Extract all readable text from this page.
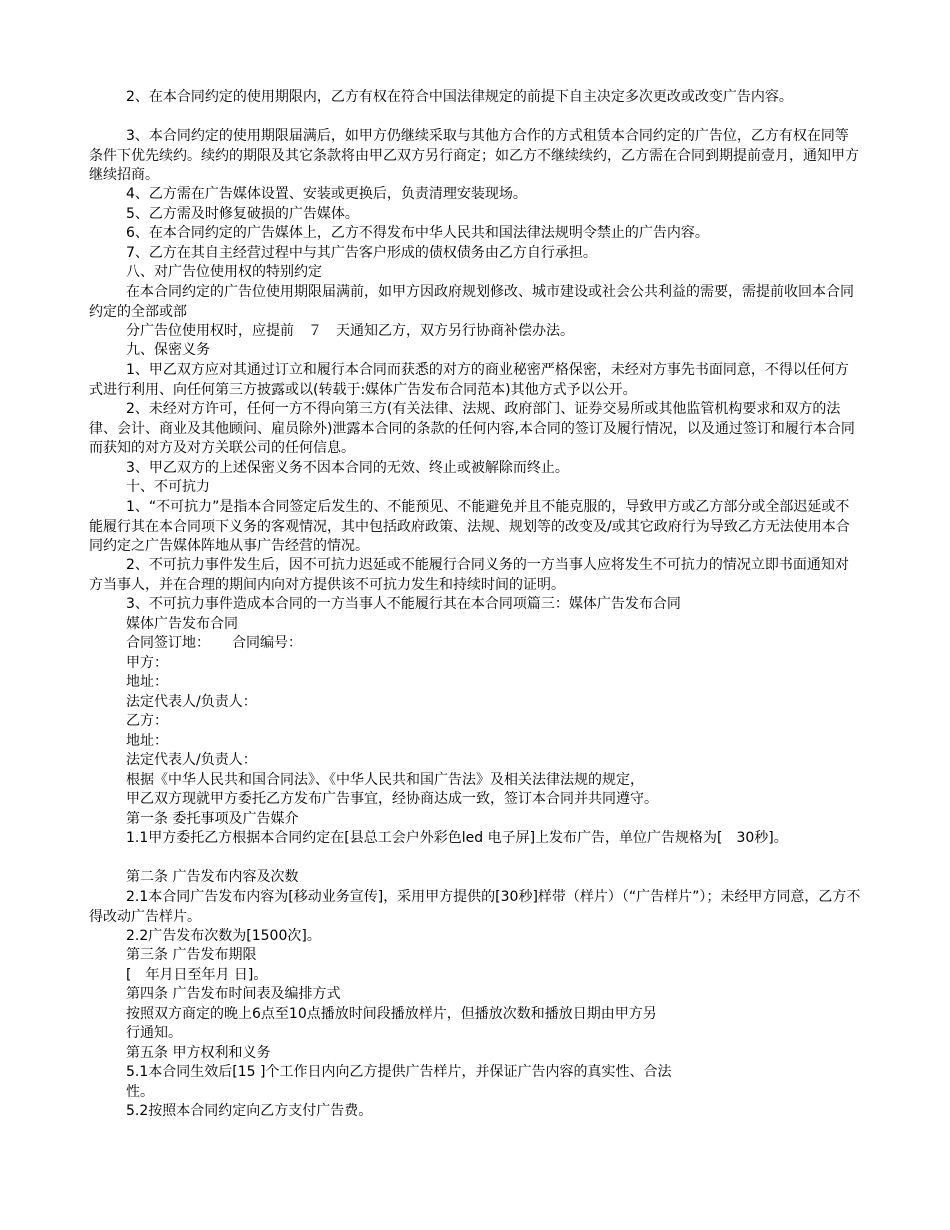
2、在本合同约定的使用期限内，乙方有权在符合中国法律规定的前提下自主决定多次更改或改变广告内容。

3、本合同约定的使用期限届满后，如甲方仍继续采取与其他方合作的方式租赁本合同约定的广告位，乙方有权在同等条件下优先续约。续约的期限及其它条款将由甲乙双方另行商定；如乙方不继续续约，乙方需在合同到期提前壹月，通知甲方继续招商。

4、乙方需在广告媒体设置、安装或更换后，负责清理安装现场。

5、乙方需及时修复破损的广告媒体。

6、在本合同约定的广告媒体上，乙方不得发布中华人民共和国法律法规明令禁止的广告内容。

7、乙方在其自主经营过程中与其广告客户形成的债权债务由乙方自行承担。

八、对广告位使用权的特别约定

在本合同约定的广告位使用期限届满前，如甲方因政府规划修改、城市建设或社会公共利益的需要，需提前收回本合同约定的全部或部

分广告位使用权时，应提前　７　天通知乙方，双方另行协商补偿办法。

九、保密义务

1、甲乙双方应对其通过订立和履行本合同而获悉的对方的商业秘密严格保密，未经对方事先书面同意，不得以任何方式进行利用、向任何第三方披露或以(转载于:媒体广告发布合同范本)其他方式予以公开。

2、未经对方许可，任何一方不得向第三方(有关法律、法规、政府部门、证券交易所或其他监管机构要求和双方的法律、会计、商业及其他顾问、雇员除外)泄露本合同的条款的任何内容,本合同的签订及履行情况，以及通过签订和履行本合同而获知的对方及对方关联公司的任何信息。

3、甲乙双方的上述保密义务不因本合同的无效、终止或被解除而终止。

十、不可抗力

1、“不可抗力”是指本合同签定后发生的、不能预见、不能避免并且不能克服的，导致甲方或乙方部分或全部迟延或不能履行其在本合同项下义务的客观情况，其中包括政府政策、法规、规划等的改变及/或其它政府行为导致乙方无法使用本合同约定之广告媒体阵地从事广告经营的情况。

2、不可抗力事件发生后，因不可抗力迟延或不能履行合同义务的一方当事人应将发生不可抗力的情况立即书面通知对方当事人，并在合理的期间内向对方提供该不可抗力发生和持续时间的证明。

3、不可抗力事件造成本合同的一方当事人不能履行其在本合同项篇三：媒体广告发布合同

媒体广告发布合同

合同签订地： 合同编号：

甲方：

地址：

法定代表人/负责人：

乙方：

地址：

法定代表人/负责人：

根据《中华人民共和国合同法》、《中华人民共和国广告法》及相关法律法规的规定，

甲乙双方现就甲方委托乙方发布广告事宜，经协商达成一致，签订本合同并共同遵守。

第一条 委托事项及广告媒介

1.1甲方委托乙方根据本合同约定在[县总工会户外彩色led 电子屏]上发布广告，单位广告规格为[　30秒]。

第二条 广告发布内容及次数

2.1本合同广告发布内容为[移动业务宣传]，采用甲方提供的[30秒]样带（样片）（“广告样片”）；未经甲方同意，乙方不得改动广告样片。

2.2广告发布次数为[1500次]。

第三条 广告发布期限

[　年月日至年月 日]。

第四条 广告发布时间表及编排方式

按照双方商定的晚上6点至10点播放时间段播放样片，但播放次数和播放日期由甲方另

行通知。

第五条 甲方权利和义务

5.1本合同生效后[15 ]个工作日内向乙方提供广告样片，并保证广告内容的真实性、合法

性。

5.2按照本合同约定向乙方支付广告费。
